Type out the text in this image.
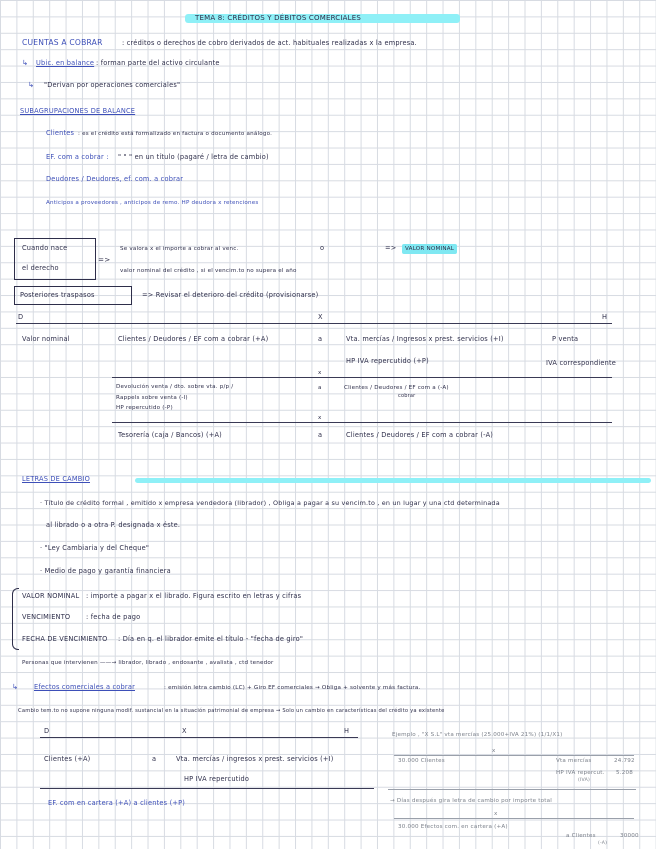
TEMA 8: CRÉDITOS Y DÉBITOS COMERCIALES
CUENTAS A COBRAR	: créditos o derechos de cobro derivados de act. habituales realizadas x la empresa.
↳ Ubic. en balance : forman parte del activo circulante
↳ "Derivan por operaciones comerciales"
SUBAGRUPACIONES DE BALANCE
Clientes : es el crédito está formalizado en factura o documento análogo.
EF. com a cobrar : " " " en un título (pagaré / letra de cambio)
Deudores / Deudores, ef. com. a cobrar
Anticipos a proveedores , anticipos de remo. HP deudora x retenciones
Cuando nace
el derecho
=>
Se valora x el importe a cobrar al venc.	o	=>	VALOR NOMINAL
valor nominal del crédito , si el vencim.to no supera el año
Posteriores traspasos	=> Revisar el deterioro del crédito (provisionarse)
D	X	H
Valor nominal	Clientes / Deudores / EF com a cobrar (+A)	a	Vta. mercías / Ingresos x prest. servicios (+I)	P venta
HP IVA repercutido (+P)	IVA correspondiente
x
Devolución venta / dto. sobre vta. p/p /
Rappels sobre venta (-I)
HP repercutido (-P)
a	Clientes / Deudores / EF com a (-A)
cobrar
x
Tesorería (caja / Bancos) (+A)	a	Clientes / Deudores / EF com a cobrar (-A)
LETRAS DE CAMBIO
· Título de crédito formal , emitido x empresa vendedora (librador) , Obliga a pagar a su vencim.to , en un lugar y una ctd determinada
al librado o a otra P. designada x éste.
· "Ley Cambiaria y del Cheque"
· Medio de pago y garantía financiera
VALOR NOMINAL : importe a pagar x el librado. Figura escrito en letras y cifras
VENCIMIENTO : fecha de pago
FECHA DE VENCIMIENTO : Día en q. el librador emite el título - "fecha de giro"
Personas que intervienen ——→ librador, librado , endosante , avalista , ctd tenedor
↳ Efectos comerciales a cobrar	: emisión letra cambio (LC) + Giro EF comerciales ⇝ Obliga + solvente y más factura.
Cambio tem.to no supone ninguna modif. sustancial en la situación patrimonial de empresa ⇝ Solo un cambio en características del crédito ya existente
D	X	H
Clientes (+A)	a	Vta. mercías / ingresos x prest. servicios (+I)
HP IVA repercutido
EF. com en cartera (+A) a clientes (+P)
Ejemplo , "X S.L" vta mercías (25.000+IVA 21%) (1/1/X1)
x
30.000 Clientes	Vta mercías	24.792
HP IVA repercut. 5.208
(IVA)
→ Días después gira letra de cambio por importe total
x
30.000 Efectos com. en cartera (+A)
a Clientes	30000
(-A)
